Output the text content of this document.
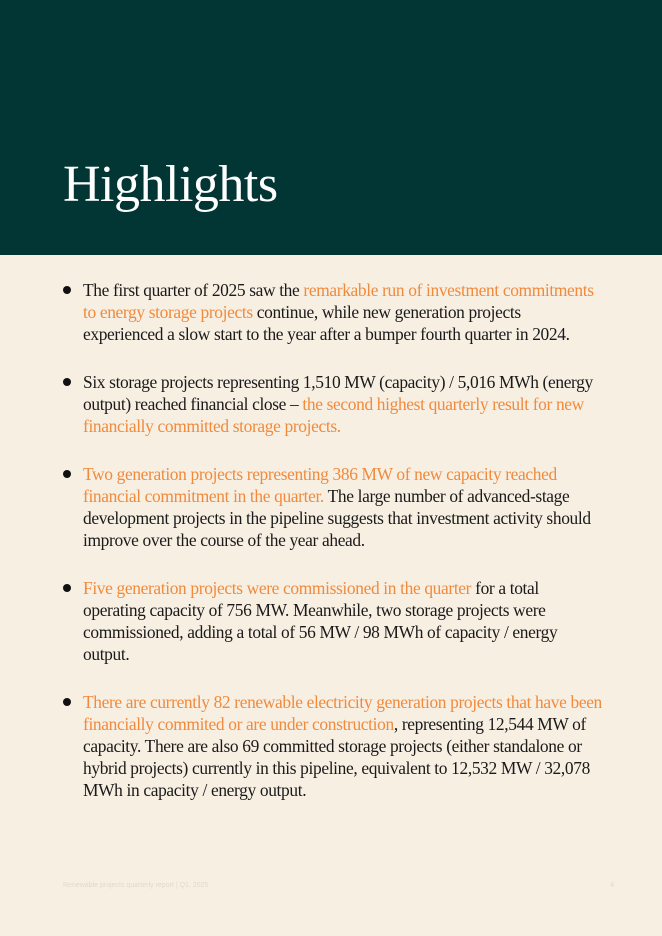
Highlights
The first quarter of 2025 saw the remarkable run of investment commitments to energy storage projects continue, while new generation projects experienced a slow start to the year after a bumper fourth quarter in 2024.
Six storage projects representing 1,510 MW (capacity) / 5,016 MWh (energy output) reached financial close – the second highest quarterly result for new financially committed storage projects.
Two generation projects representing 386 MW of new capacity reached financial commitment in the quarter. The large number of advanced-stage development projects in the pipeline suggests that investment activity should improve over the course of the year ahead.
Five generation projects were commissioned in the quarter for a total operating capacity of 756 MW. Meanwhile, two storage projects were commissioned, adding a total of 56 MW / 98 MWh of capacity / energy output.
There are currently 82 renewable electricity generation projects that have been financially commited or are under construction, representing 12,544 MW of capacity. There are also 69 committed storage projects (either standalone or hybrid projects) currently in this pipeline, equivalent to 12,532 MW / 32,078 MWh in capacity / energy output.
Renewable projects quarterly report | Q1, 2025	4
